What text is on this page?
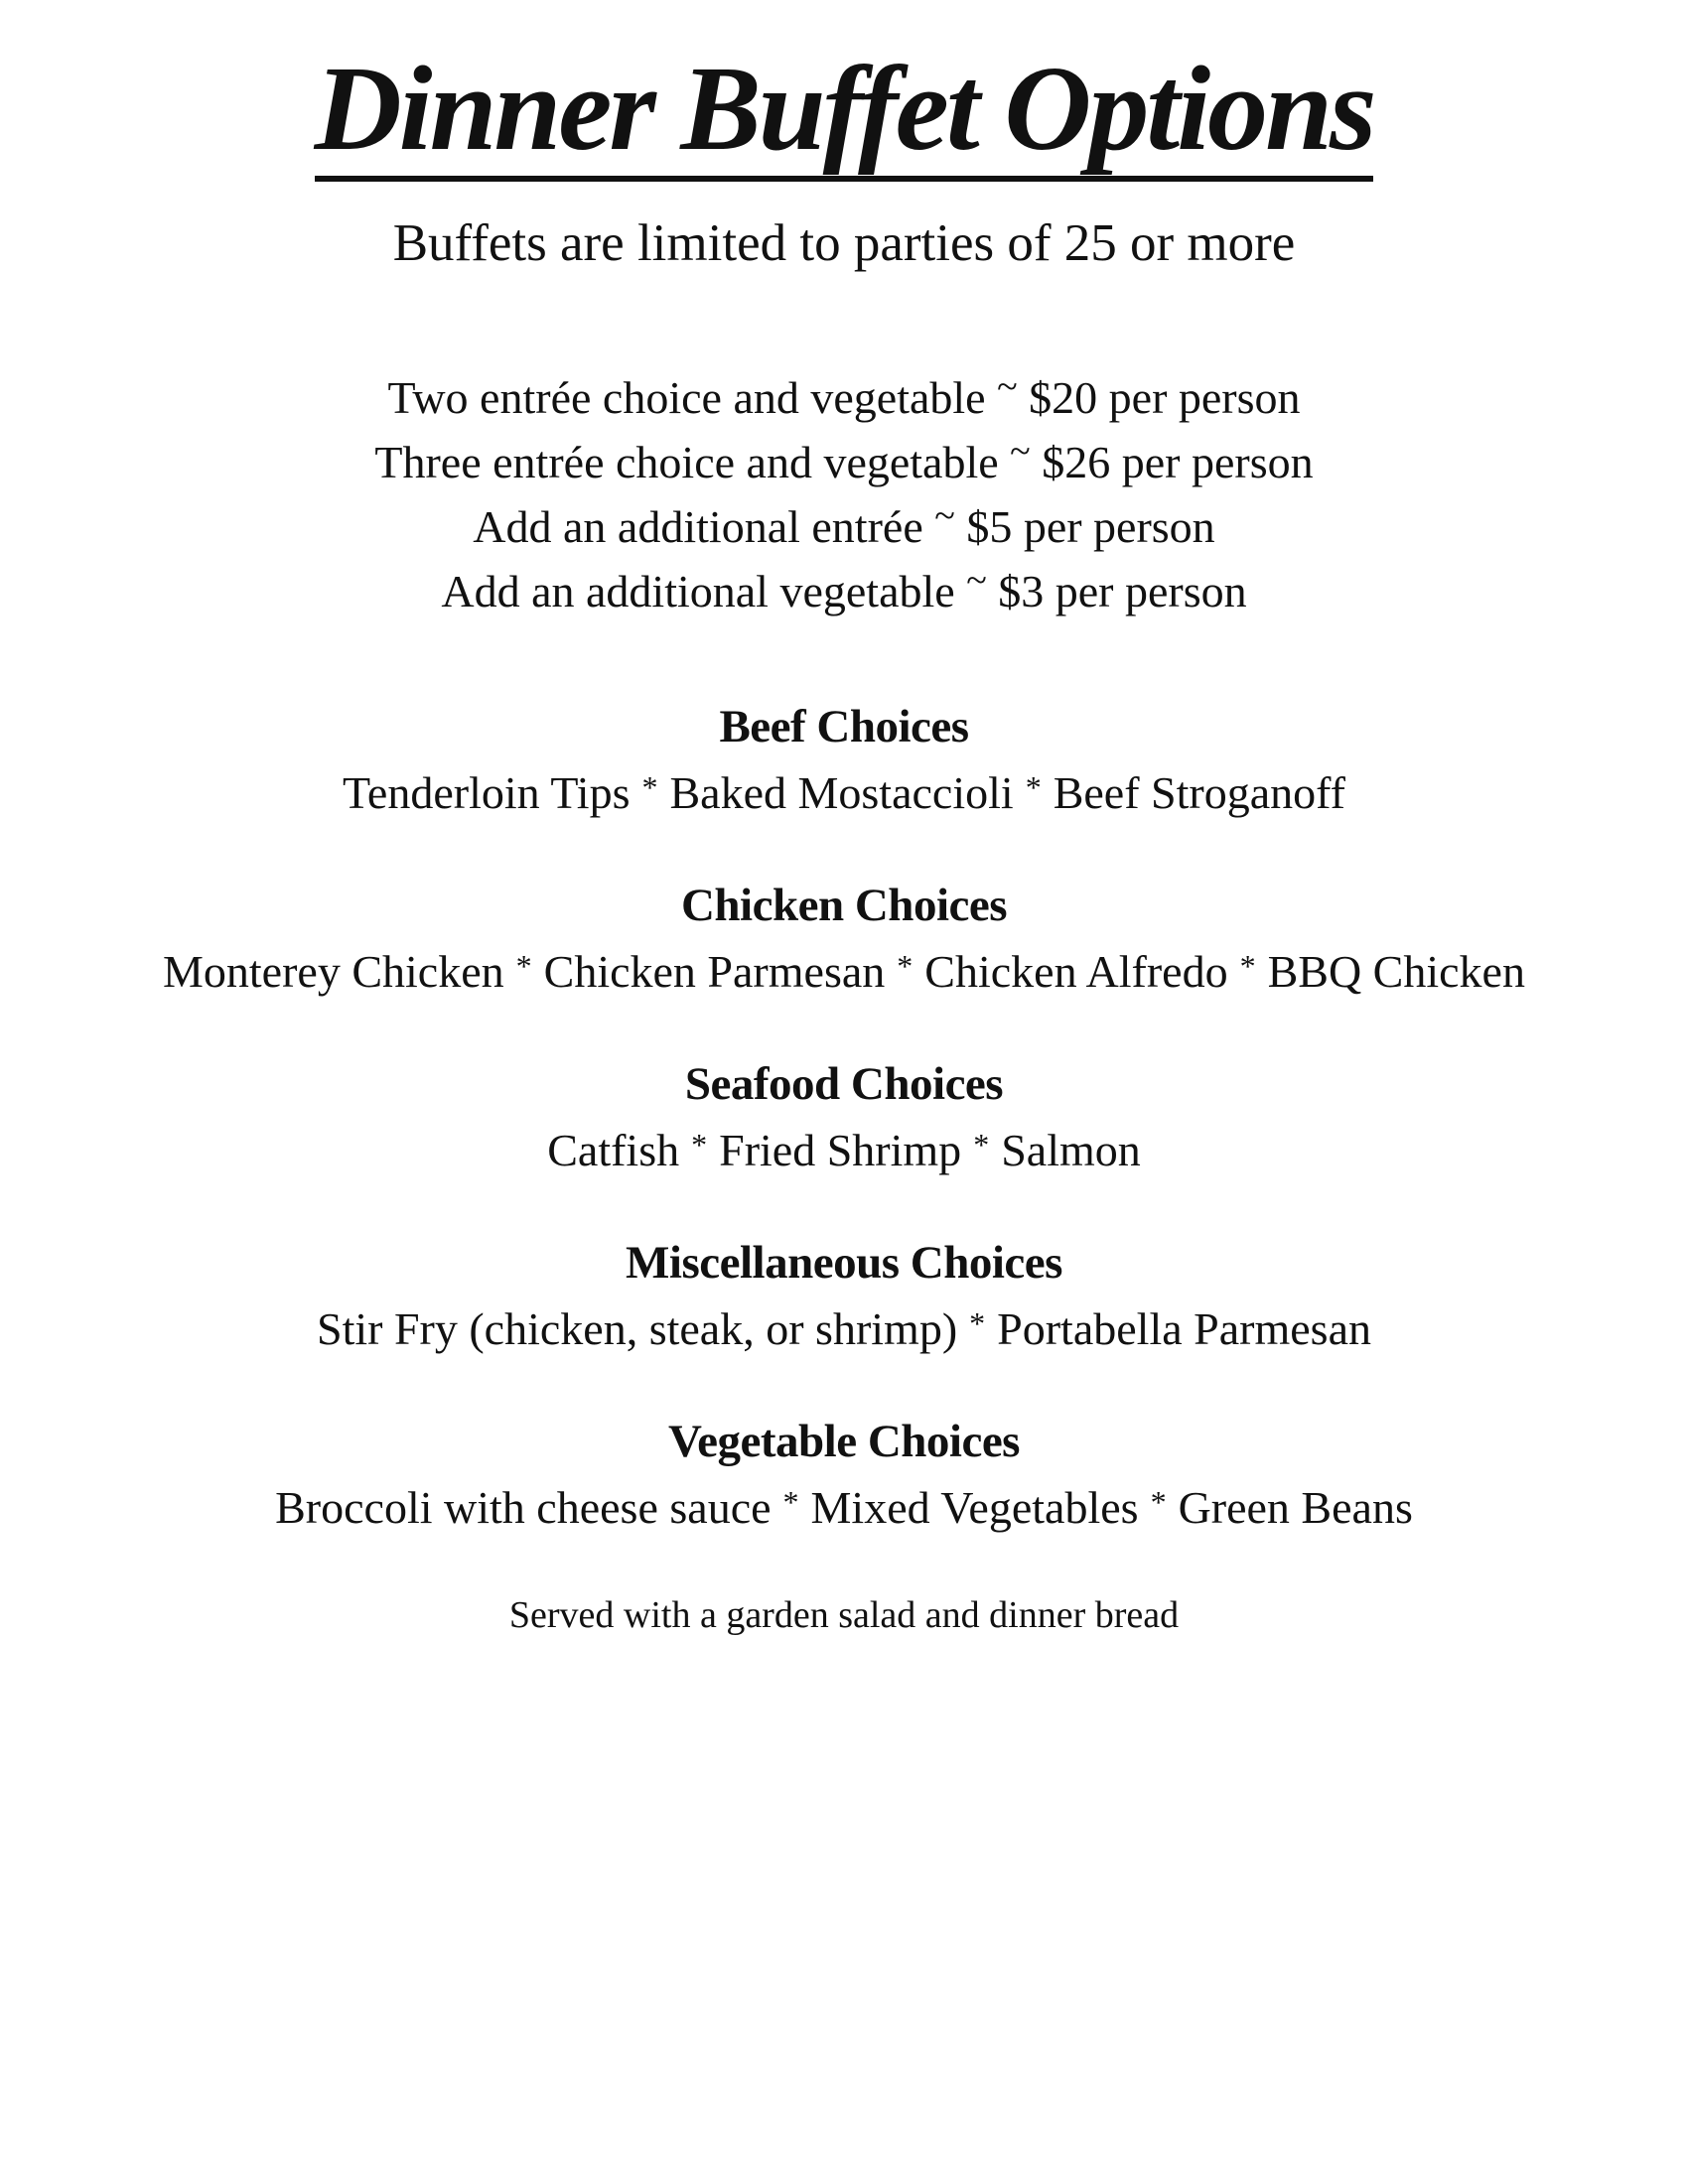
Dinner Buffet Options
Buffets are limited to parties of 25 or more
Two entrée choice and vegetable ~ $20 per person
Three entrée choice and vegetable ~ $26 per person
Add an additional entrée ~ $5 per person
Add an additional vegetable ~ $3 per person
Beef Choices
Tenderloin Tips * Baked Mostaccioli * Beef Stroganoff
Chicken Choices
Monterey Chicken * Chicken Parmesan * Chicken Alfredo * BBQ Chicken
Seafood Choices
Catfish * Fried Shrimp * Salmon
Miscellaneous Choices
Stir Fry (chicken, steak, or shrimp) * Portabella Parmesan
Vegetable Choices
Broccoli with cheese sauce * Mixed Vegetables * Green Beans
Served with a garden salad and dinner bread
